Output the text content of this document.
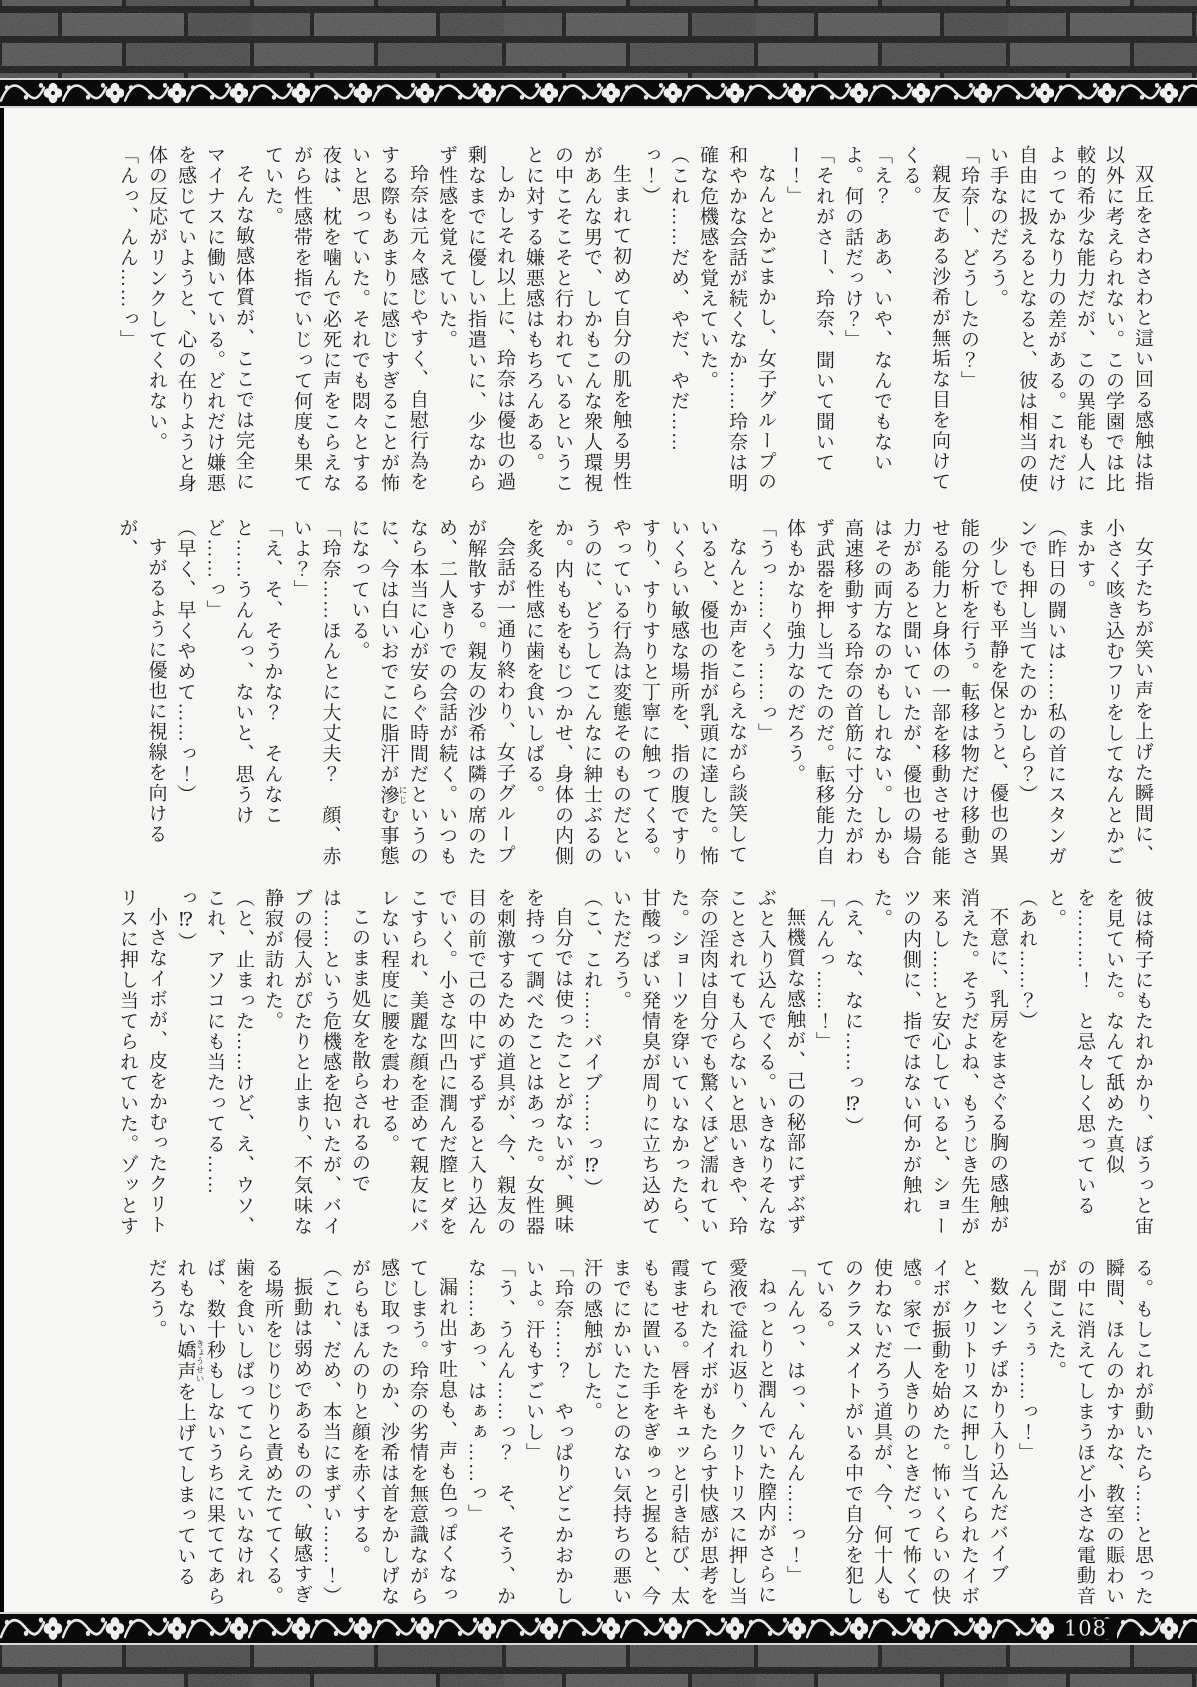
双丘をさわさわと這い回る感触は指以外に考えられない。この学園では比較的希少な能力だが、この異能も人によってかなり力の差がある。これだけ自由に扱えるとなると、彼は相当の使い手なのだろう。

「玲奈―、どうしたの？」

親友である沙希が無垢な目を向けてくる。

「え？　ああ、いや、なんでもないよ。何の話だっけ？」

「それがさー、玲奈、聞いて聞いてー！」

なんとかごまかし、女子グループの和やかな会話が続くなか……玲奈は明確な危機感を覚えていた。

（これ……だめ、やだ、やだ……っ！）

生まれて初めて自分の肌を触る男性があんな男で、しかもこんな衆人環視の中こそこそと行われているということに対する嫌悪感はもちろんある。

しかしそれ以上に、玲奈は優也の過剰なまでに優しい指遣いに、少なからず性感を覚えていた。

玲奈は元々感じやすく、自慰行為をする際もあまりに感じすぎることが怖いと思っていた。それでも悶々とする夜は、枕を噛んで必死に声をこらえながら性感帯を指でいじって何度も果てていた。

そんな敏感体質が、ここでは完全にマイナスに働いている。どれだけ嫌悪を感じていようと、心の在りようと身体の反応がリンクしてくれない。

「んっ、んん……っ」

女子たちが笑い声を上げた瞬間に、小さく咳き込むフリをしてなんとかごまかす。

（昨日の闘いは……私の首にスタンガンでも押し当てたのかしら？）

少しでも平静を保とうと、優也の異能の分析を行う。転移は物だけ移動させる能力と身体の一部を移動させる能力があると聞いていたが、優也の場合はその両方なのかもしれない。しかも高速移動する玲奈の首筋に寸分たがわず武器を押し当てたのだ。転移能力自体もかなり強力なのだろう。

「うっ……くぅ……っ」

なんとか声をこらえながら談笑していると、優也の指が乳頭に達した。怖いくらい敏感な場所を、指の腹ですりすり、すりすりと丁寧に触ってくる。やっている行為は変態そのものだというのに、どうしてこんなに紳士ぶるのか。内ももをもじつかせ、身体の内側を炙る性感に歯を食いしばる。

会話が一通り終わり、女子グループが解散する。親友の沙希は隣の席のため、二人きりでの会話が続く。いつもなら本当に心が安らぐ時間だというのに、今は白いおでこに脂汗が滲 にじむ事態になっている。

「玲奈……ほんとに大丈夫？　顔、赤いよ？」

「え、そ、そうかな？　そんなこと……うんんっ、ないと、思うけど……っ」

（早く、早くやめて……っ！）

すがるように優也に視線を向けるが、

彼は椅子にもたれかかり、ぼうっと宙を見ていた。なんて舐めた真似を………！　と忌々しく思っていると。

（あれ……？）

不意に、乳房をまさぐる胸の感触が消えた。そうだよね、もうじき先生が来るし……と安心していると、ショーツの内側に、指ではない何かが触れた。

（え、な、なに……っ⁉）

「んんっ……！」

無機質な感触が、己の秘部にずぶずぶと入り込んでくる。いきなりそんなことされても入らないと思いきや、玲奈の淫肉は自分でも驚くほど濡れていた。ショーツを穿いていなかったら、甘酸っぱい発情臭が周りに立ち込めていただろう。

（こ、これ……バイブ……っ⁉）

自分では使ったことがないが、興味を持って調べたことはあった。女性器を刺激するための道具が、今、親友の目の前で己の中にずるずると入り込んでいく。小さな凹凸に潤んだ膣ヒダをこすられ、美麗な顔を歪めて親友にバレない程度に腰を震わせる。

このまま処女を散らされるのでは……という危機感を抱いたが、バイブの侵入がぴたりと止まり、不気味な静寂が訪れた。

（と、止まった……けど、え、ウソ、これ、アソコにも当たってる……っ⁉）

小さなイボが、皮をかむったクリトリスに押し当てられていた。ゾッとす

る。もしこれが動いたら……と思った瞬間、ほんのかすかな、教室の賑わいの中に消えてしまうほど小さな電動音が聞こえた。

「んくぅぅ……っ！」

数センチばかり入り込んだバイブと、クリトリスに押し当てられたイボイボが振動を始めた。怖いくらいの快感。家で一人きりのときだって怖くて使わないだろう道具が、今、何十人ものクラスメイトがいる中で自分を犯している。

「んんっ、はっ、んんん……っ！」

ねっとりと潤んでいた膣内がさらに愛液で溢れ返り、クリトリスに押し当てられたイボがもたらす快感が思考を霞ませる。唇をキュッと引き結び、太ももに置いた手をぎゅっと握ると、今までにかいたことのない気持ちの悪い汗の感触がした。

「玲奈……？　やっぱりどこかおかしいよ。汗もすごいし」

「う、うんん……っ？　そ、そう、かな……あっ、はぁぁ……っ」

漏れ出す吐息も、声も色っぽくなってしまう。玲奈の劣情を無意識ながら感じ取ったのか、沙希は首をかしげながらもほんのりと顔を赤くする。

（これ、だめ、本当にまずい……！）

振動は弱めであるものの、敏感すぎる場所をじりじりと責めたててくる。歯を食いしばってこらえていなければ、数十秒もしないうちに果ててあられもない嬌声 きょうせいを上げてしまっているだろう。

108
